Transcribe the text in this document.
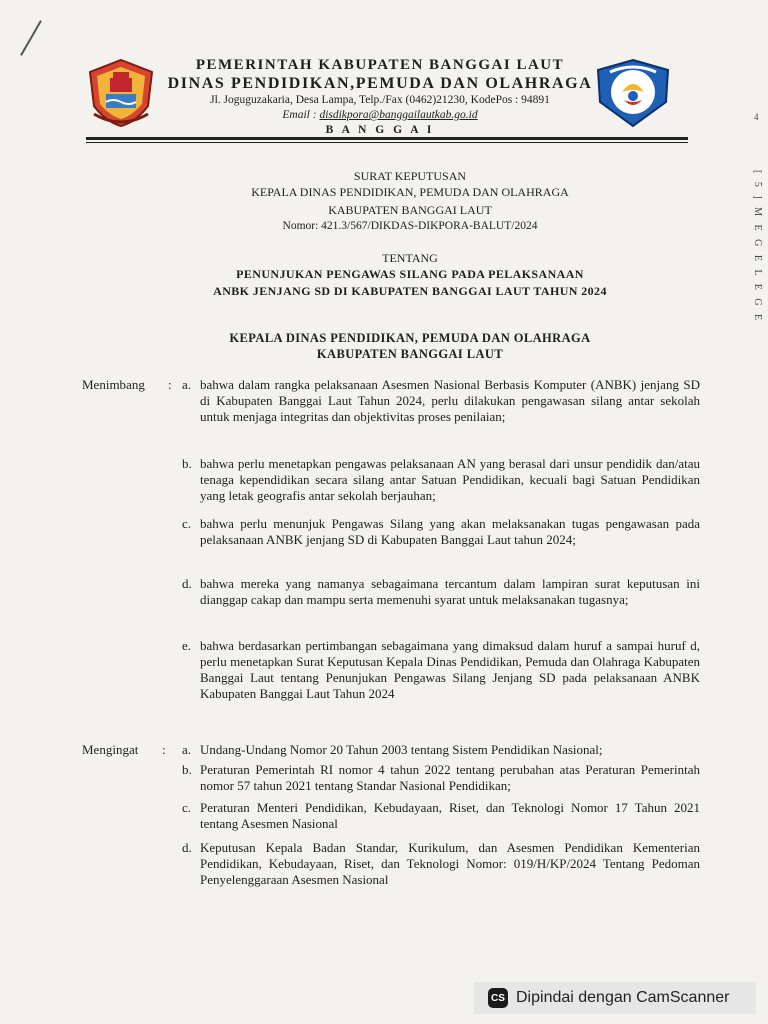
PEMERINTAH KABUPATEN BANGGAI LAUT
DINAS PENDIDIKAN,PEMUDA DAN OLAHRAGA
Jl. Joguguzakaria, Desa Lampa, Telp./Fax (0462)21230, KodePos : 94891
Email : disdikpora@banggailautkab.go.id
B A N G G A I
4
[ 5 ] M E G E L E G E
SURAT KEPUTUSAN
KEPALA DINAS PENDIDIKAN, PEMUDA DAN OLAHRAGA
KABUPATEN BANGGAI LAUT
Nomor: 421.3/567/DIKDAS-DIKPORA-BALUT/2024
TENTANG
PENUNJUKAN PENGAWAS SILANG PADA PELAKSANAAN
ANBK JENJANG SD DI KABUPATEN BANGGAI LAUT TAHUN 2024
KEPALA DINAS PENDIDIKAN, PEMUDA DAN OLAHRAGA
KABUPATEN BANGGAI LAUT
Menimbang : a. bahwa dalam rangka pelaksanaan Asesmen Nasional Berbasis Komputer (ANBK) jenjang SD di Kabupaten Banggai Laut Tahun 2024, perlu dilakukan pengawasan silang antar sekolah untuk menjaga integritas dan objektivitas proses penilaian;
b. bahwa perlu menetapkan pengawas pelaksanaan AN yang berasal dari unsur pendidik dan/atau tenaga kependidikan secara silang antar Satuan Pendidikan, kecuali bagi Satuan Pendidikan yang letak geografis antar sekolah berjauhan;
c. bahwa perlu menunjuk Pengawas Silang yang akan melaksanakan tugas pengawasan pada pelaksanaan ANBK jenjang SD di Kabupaten Banggai Laut tahun 2024;
d. bahwa mereka yang namanya sebagaimana tercantum dalam lampiran surat keputusan ini dianggap cakap dan mampu serta memenuhi syarat untuk melaksanakan tugasnya;
e. bahwa berdasarkan pertimbangan sebagaimana yang dimaksud dalam huruf a sampai huruf d, perlu menetapkan Surat Keputusan Kepala Dinas Pendidikan, Pemuda dan Olahraga Kabupaten Banggai Laut tentang Penunjukan Pengawas Silang Jenjang SD pada pelaksanaan ANBK Kabupaten Banggai Laut Tahun 2024
Mengingat : a. Undang-Undang Nomor 20 Tahun 2003 tentang Sistem Pendidikan Nasional;
b. Peraturan Pemerintah RI nomor 4 tahun 2022 tentang perubahan atas Peraturan Pemerintah nomor 57 tahun 2021 tentang Standar Nasional Pendidikan;
c. Peraturan Menteri Pendidikan, Kebudayaan, Riset, dan Teknologi Nomor 17 Tahun 2021 tentang Asesmen Nasional
d. Keputusan Kepala Badan Standar, Kurikulum, dan Asesmen Pendidikan Kementerian Pendidikan, Kebudayaan, Riset, dan Teknologi Nomor: 019/H/KP/2024 Tentang Pedoman Penyelenggaraan Asesmen Nasional
CS Dipindai dengan CamScanner
